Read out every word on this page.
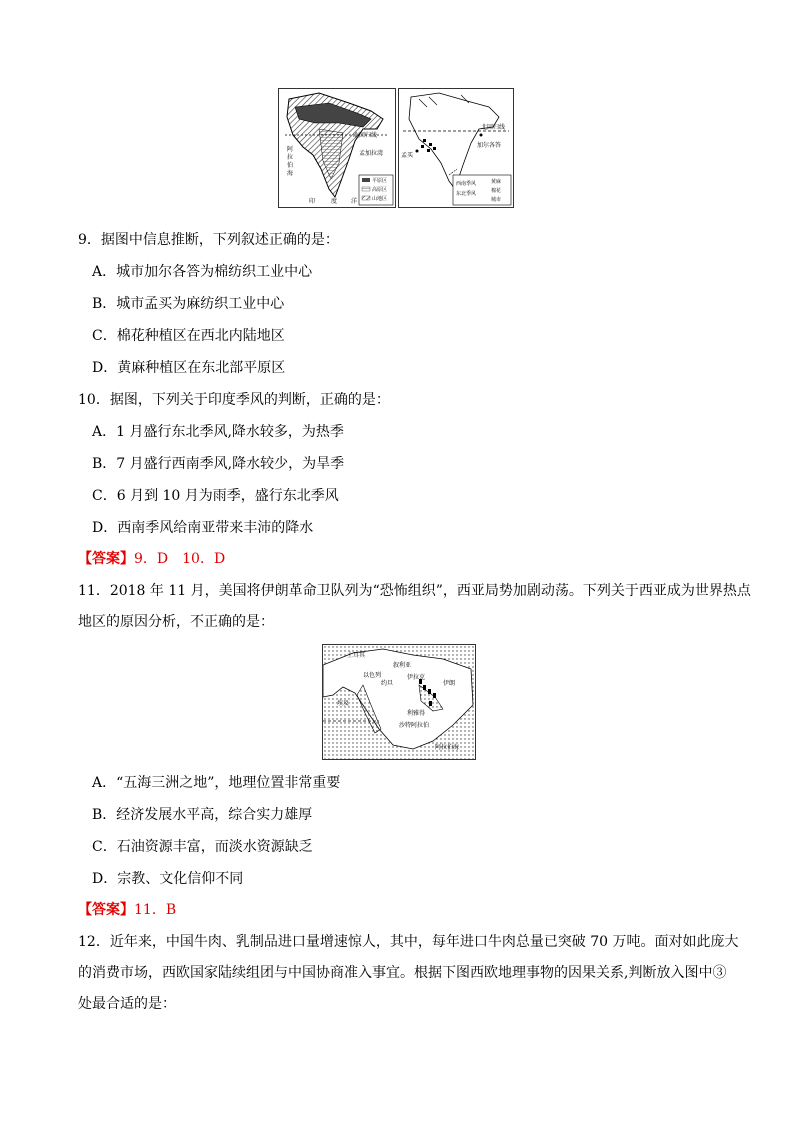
北回归线
孟加拉湾
阿
拉
伯
海
印	度 洋
平原区
高原区
山地区
北回归线
加尔各答
孟买
西南季风
东北季风
黄麻
棉花
城市
9．据图中信息推断，下列叙述正确的是：
A．城市加尔各答为棉纺织工业中心
B．城市孟买为麻纺织工业中心
C．棉花种植区在西北内陆地区
D．黄麻种植区在东北部平原区
10．据图，下列关于印度季风的判断，正确的是：
A．1 月盛行东北季风,降水较多，为热季
B．7 月盛行西南季风,降水较少，为旱季
C．6 月到 10 月为雨季，盛行东北季风
D．西南季风给南亚带来丰沛的降水
【答案】9．D　10．D
11．2018 年 11 月，美国将伊朗革命卫队列为“恐怖组织”，西亚局势加剧动荡。下列关于西亚成为世界热点
地区的原因分析，不正确的是：
土耳其
叙利亚
伊拉克
伊朗
以色列
埃及
利雅得
沙特阿拉伯
阿拉伯海
约旦
A．“五海三洲之地”，地理位置非常重要
B．经济发展水平高，综合实力雄厚
C．石油资源丰富，而淡水资源缺乏
D．宗教、文化信仰不同
【答案】11．B
12．近年来，中国牛肉、乳制品进口量增速惊人，其中，每年进口牛肉总量已突破 70 万吨。面对如此庞大
的消费市场，西欧国家陆续组团与中国协商准入事宜。根据下图西欧地理事物的因果关系,判断放入图中③
处最合适的是：
